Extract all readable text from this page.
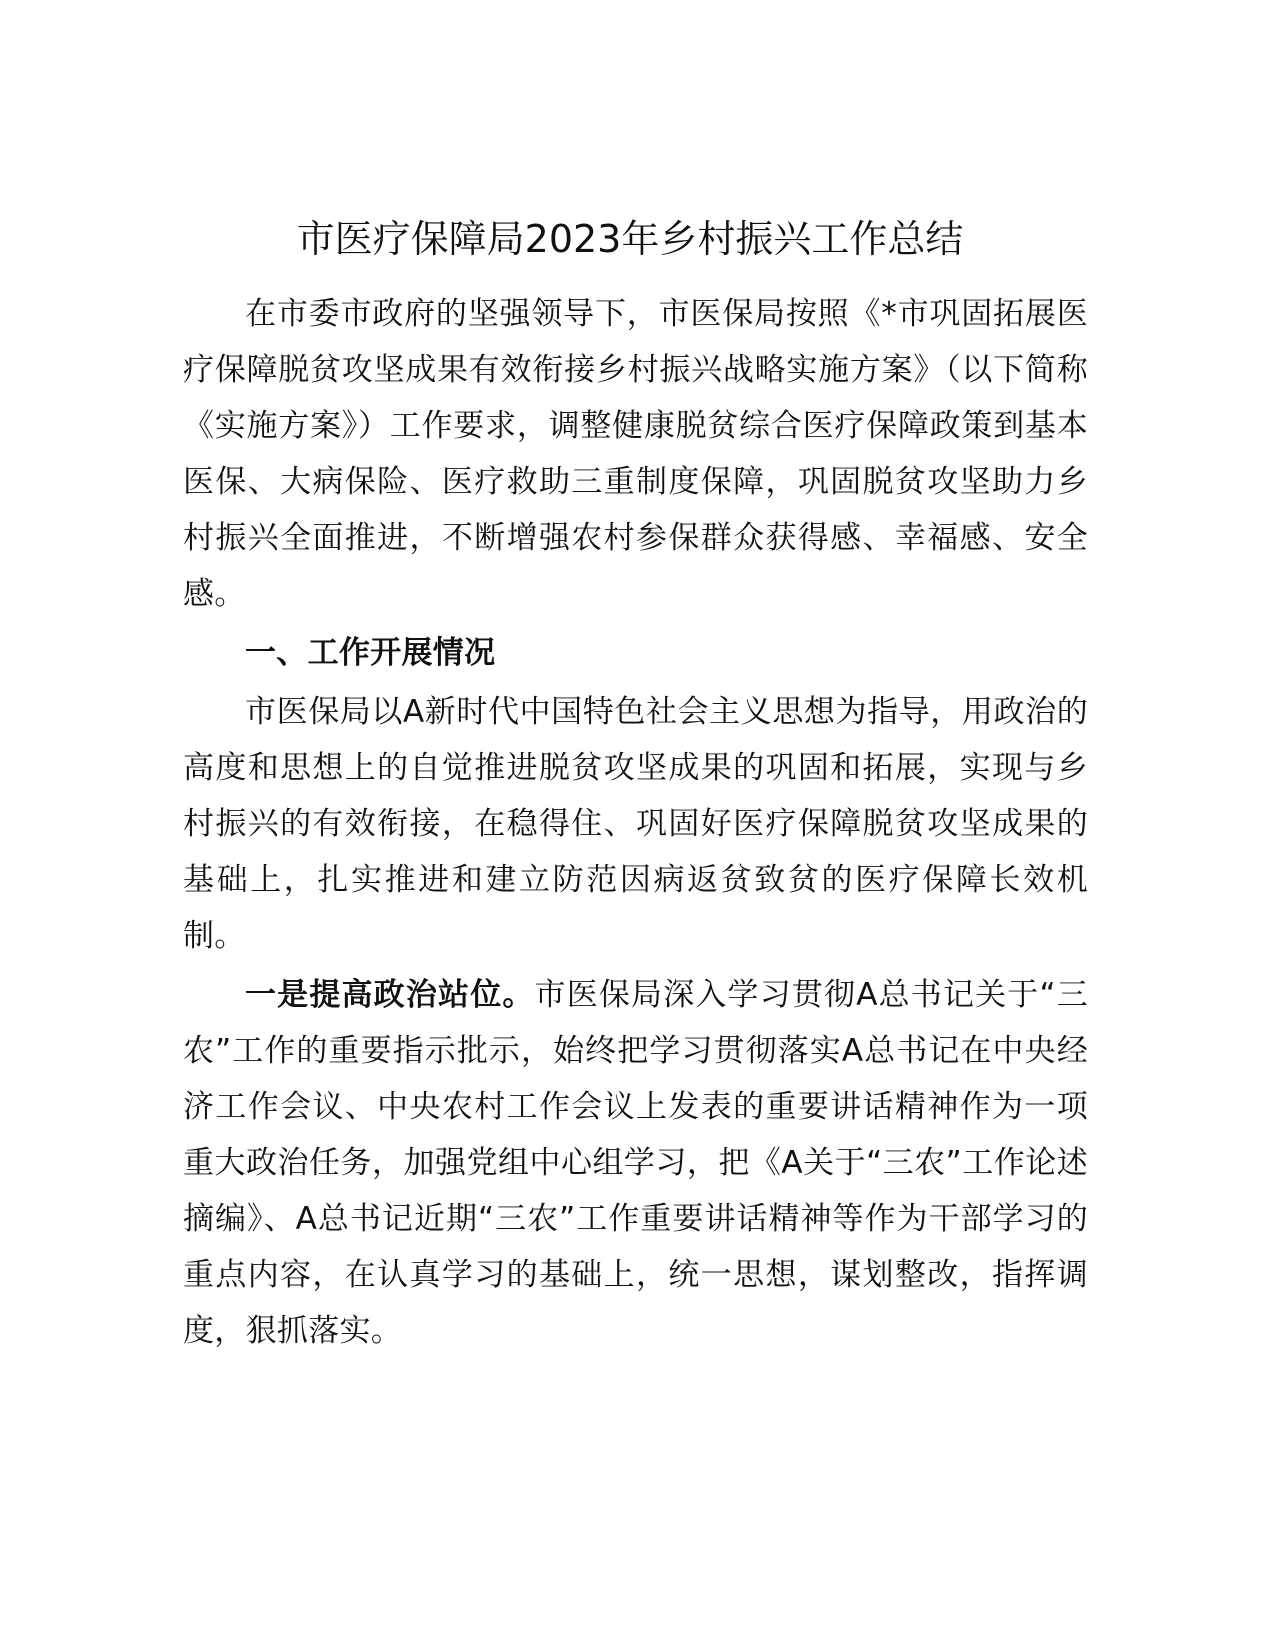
市医疗保障局2023年乡村振兴工作总结

在市委市政府的坚强领导下，市医保局按照《*市巩固拓展医疗保障脱贫攻坚成果有效衔接乡村振兴战略实施方案》（以下简称《实施方案》）工作要求，调整健康脱贫综合医疗保障政策到基本医保、大病保险、医疗救助三重制度保障，巩固脱贫攻坚助力乡村振兴全面推进，不断增强农村参保群众获得感、幸福感、安全感。

一、工作开展情况

市医保局以A新时代中国特色社会主义思想为指导，用政治的高度和思想上的自觉推进脱贫攻坚成果的巩固和拓展，实现与乡村振兴的有效衔接，在稳得住、巩固好医疗保障脱贫攻坚成果的基础上，扎实推进和建立防范因病返贫致贫的医疗保障长效机制。

一是提高政治站位。市医保局深入学习贯彻A总书记关于“三农”工作的重要指示批示，始终把学习贯彻落实A总书记在中央经济工作会议、中央农村工作会议上发表的重要讲话精神作为一项重大政治任务，加强党组中心组学习，把《A关于“三农”工作论述摘编》、A总书记近期“三农”工作重要讲话精神等作为干部学习的重点内容，在认真学习的基础上，统一思想，谋划整改，指挥调度，狠抓落实。
